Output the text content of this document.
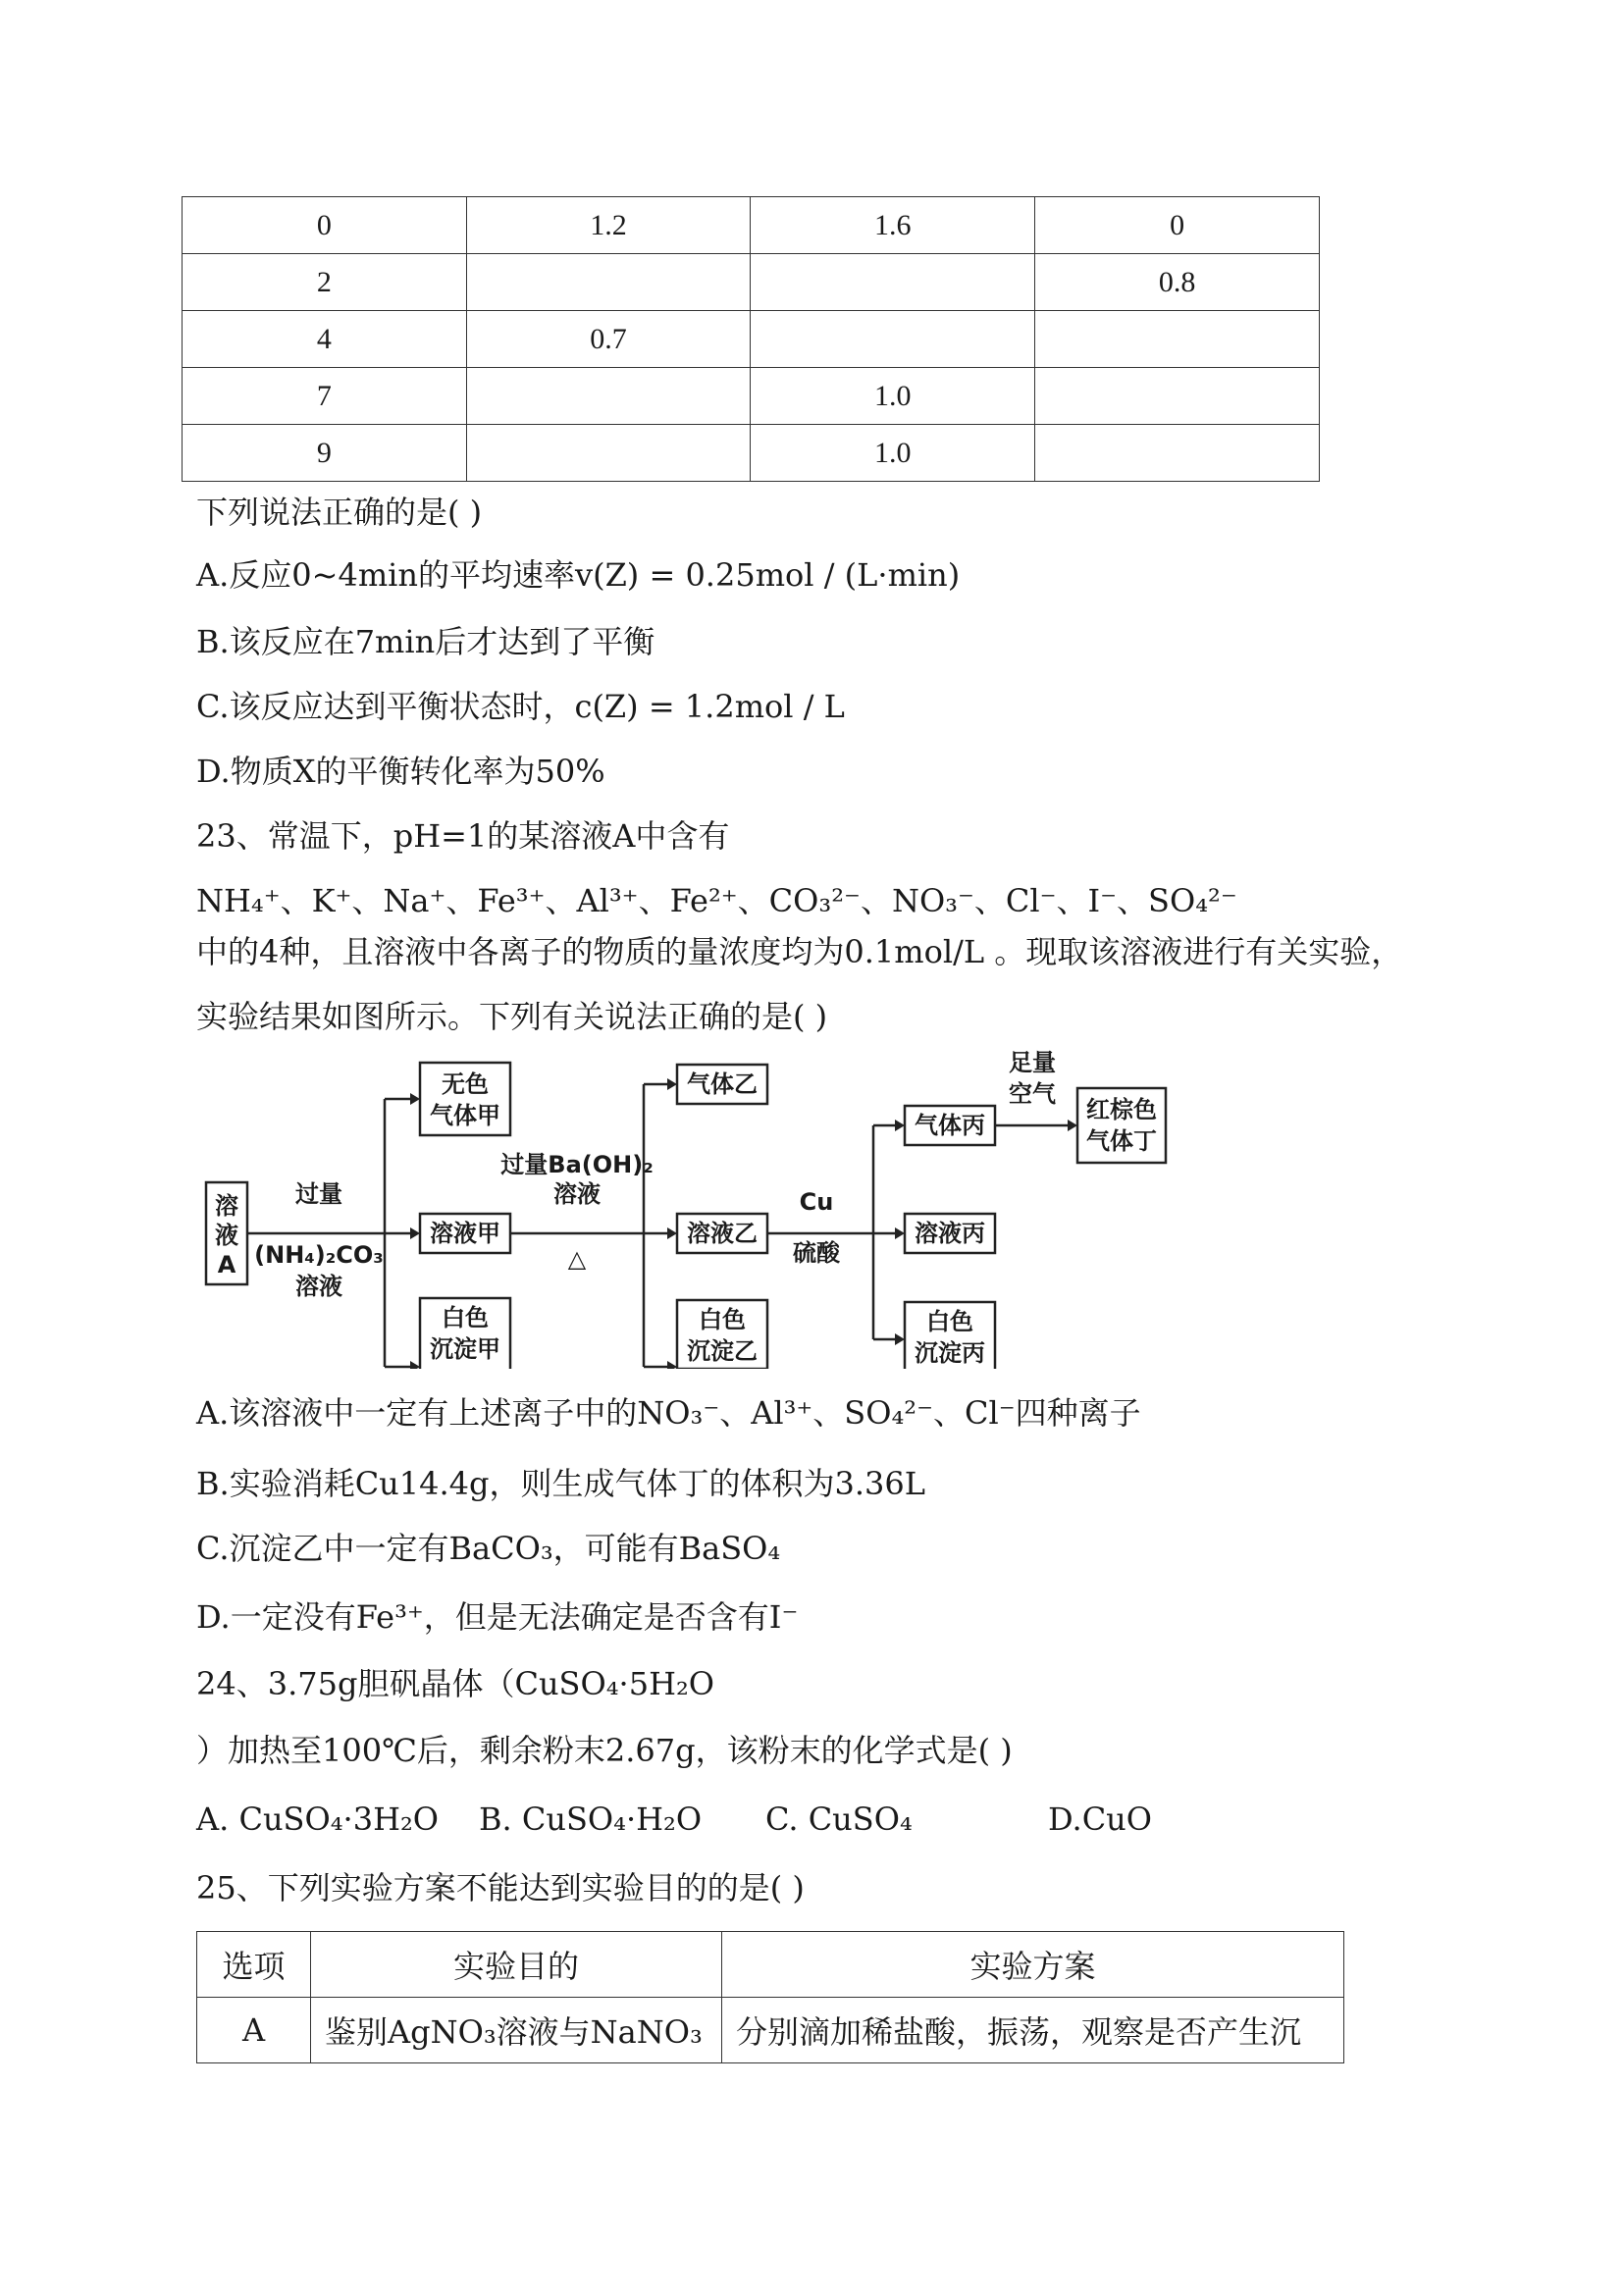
0	1.2	1.6	0
2			0.8
4	0.7		
7		1.0	
9		1.0	
下列说法正确的是( )
A.反应0~4min的平均速率v(Z) = 0.25mol / (L·min)
B.该反应在7min后才达到了平衡
C.该反应达到平衡状态时，c(Z) = 1.2mol / L
D.物质X的平衡转化率为50%
23、常温下，pH=1的某溶液A中含有
NH₄⁺、K⁺、Na⁺、Fe³⁺、Al³⁺、Fe²⁺、CO₃²⁻、NO₃⁻、Cl⁻、I⁻、SO₄²⁻
中的4种，且溶液中各离子的物质的量浓度均为0.1mol/L 。现取该溶液进行有关实验，
实验结果如图所示。下列有关说法正确的是( )
溶
液
A
过量
(NH₄)₂CO₃
溶液
无色
气体甲
溶液甲
白色
沉淀甲
过量Ba(OH)₂
溶液
△
气体乙
溶液乙
白色
沉淀乙
Cu
硫酸
气体丙
溶液丙
白色
沉淀丙
足量
空气
红棕色
气体丁
A.该溶液中一定有上述离子中的NO₃⁻、Al³⁺、SO₄²⁻、Cl⁻四种离子
B.实验消耗Cu14.4g，则生成气体丁的体积为3.36L
C.沉淀乙中一定有BaCO₃，可能有BaSO₄
D.一定没有Fe³⁺，但是无法确定是否含有I⁻
24、3.75g胆矾晶体（CuSO₄·5H₂O
）加热至100℃后，剩余粉末2.67g，该粉末的化学式是( )
A. CuSO₄·3H₂O B. CuSO₄·H₂O C. CuSO₄	D.CuO
25、下列实验方案不能达到实验目的的是( )
选项	实验目的	实验方案
A	鉴别AgNO₃溶液与NaNO₃	分别滴加稀盐酸，振荡，观察是否产生沉
